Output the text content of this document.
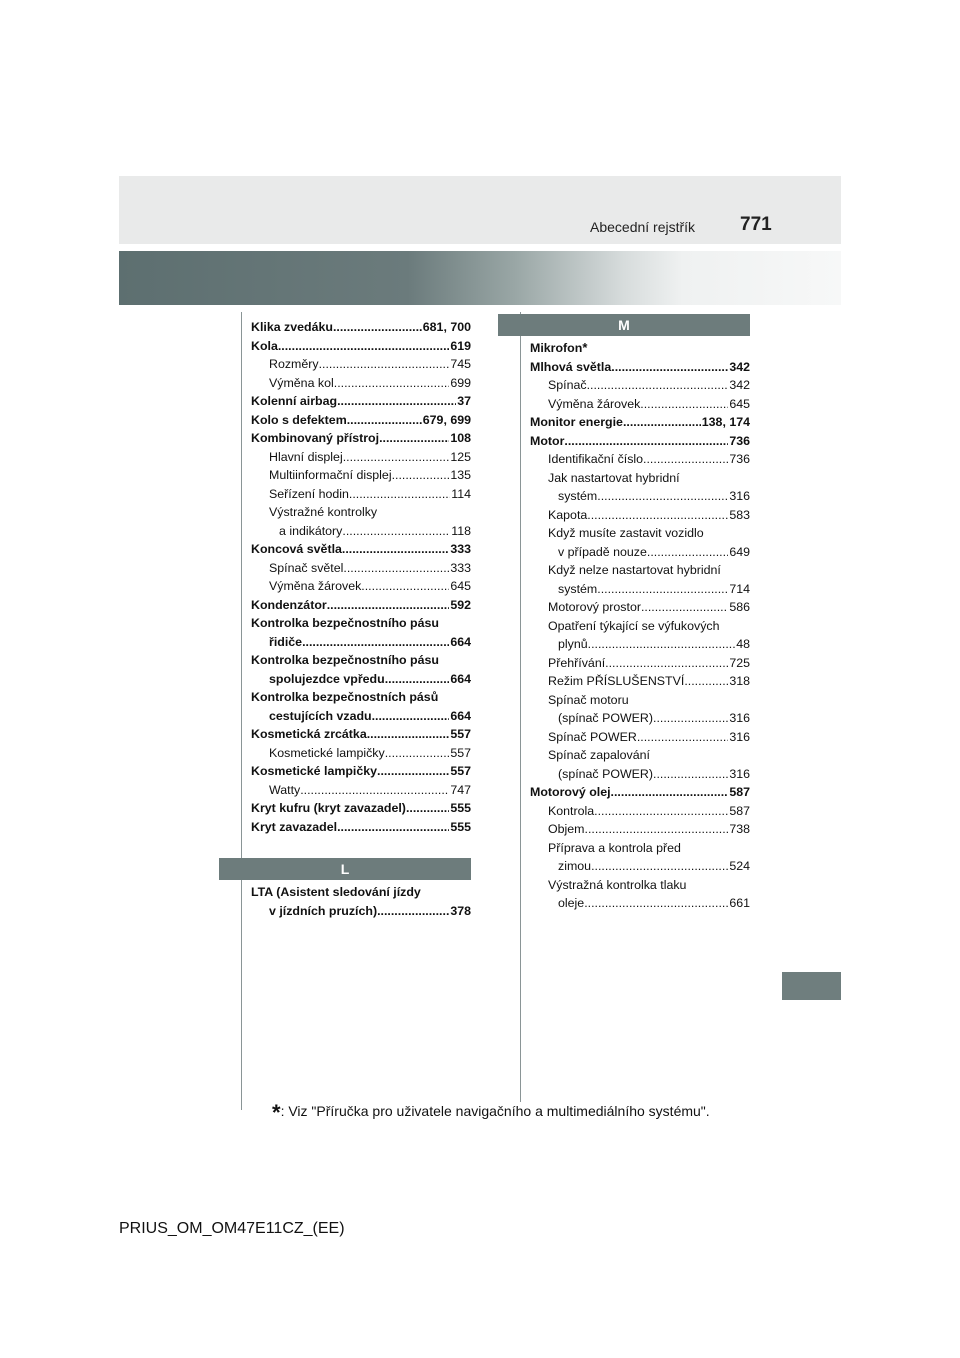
Abecední rejstřík 771
Klika zvedáku .....	681, 700
Kola .....	619
Rozměry .....	745
Výměna kol .....	699
Kolenní airbag .....	37
Kolo s defektem .....	679, 699
Kombinovaný přístroj .....	108
Hlavní displej .....	125
Multiinformační displej .....	135
Seřízení hodin .....	114
Výstražné kontrolky
a indikátory .....	118
Koncová světla .....	333
Spínač světel .....	333
Výměna žárovek .....	645
Kondenzátor .....	592
Kontrolka bezpečnostního pásu
řidiče .....	664
Kontrolka bezpečnostního pásu
spolujezdce vpředu .....	664
Kontrolka bezpečnostních pásů
cestujících vzadu .....	664
Kosmetická zrcátka .....	557
Kosmetické lampičky .....	557
Kosmetické lampičky .....	557
Watty .....	747
Kryt kufru (kryt zavazadel) .....	555
Kryt zavazadel .....	555
L
LTA (Asistent sledování jízdy
v jízdních pruzích) .....	378
M
Mikrofon *
Mlhová světla .....	342
Spínač .....	342
Výměna žárovek .....	645
Monitor energie .....	138, 174
Motor .....	736
Identifikační číslo .....	736
Jak nastartovat hybridní
systém .....	316
Kapota .....	583
Když musíte zastavit vozidlo
v případě nouze .....	649
Když nelze nastartovat hybridní
systém .....	714
Motorový prostor .....	586
Opatření týkající se výfukových
plynů .....	48
Přehřívání .....	725
Režim PŘÍSLUŠENSTVÍ .....	318
Spínač motoru
(spínač POWER) .....	316
Spínač POWER .....	316
Spínač zapalování
(spínač POWER) .....	316
Motorový olej .....	587
Kontrola .....	587
Objem .....	738
Příprava a kontrola před
zimou .....	524
Výstražná kontrolka tlaku
oleje .....	661
*: Viz "Příručka pro uživatele navigačního a multimediálního systému".
PRIUS_OM_OM47E11CZ_(EE)
